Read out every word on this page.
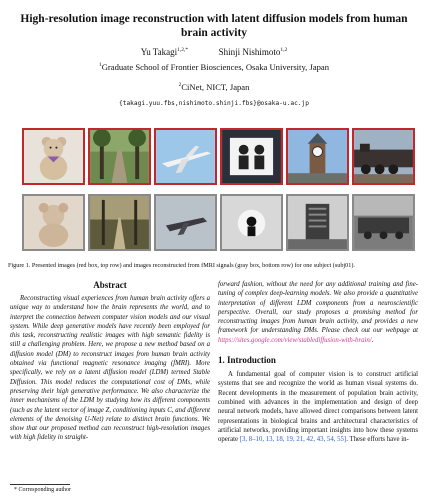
High-resolution image reconstruction with latent diffusion models from human brain activity
Yu Takagi$^{1,2,*}$	Shinji Nishimoto$^{1,2}$
$^1$Graduate School of Frontier Biosciences, Osaka University, Japan
$^2$CiNet, NICT, Japan
{takagi.yuu.fbs,nishimoto.shinji.fbs}@osaka-u.ac.jp
Figure 1. Presented images (red box, top row) and images reconstructed from fMRI signals (gray box, bottom row) for one subject (subj01).
Abstract
Reconstructing visual experiences from human brain activity offers a unique way to understand how the brain represents the world, and to interpret the connection between computer vision models and our visual system. While deep generative models have recently been employed for this task, reconstructing realistic images with high semantic fidelity is still a challenging problem. Here, we propose a new method based on a diffusion model (DM) to reconstruct images from human brain activity obtained via functional magnetic resonance imaging (fMRI). More specifically, we rely on a latent diffusion model (LDM) termed Stable Diffusion. This model reduces the computational cost of DMs, while preserving their high generative performance. We also characterize the inner mechanisms of the LDM by studying how its different components (such as the latent vector of image Z, conditioning inputs C, and different elements of the denoising U-Net) relate to distinct brain functions. We show that our proposed method can reconstruct high-resolution images with high fidelity in straight-
forward fashion, without the need for any additional training and fine-tuning of complex deep-learning models. We also provide a quantitative interpretation of different LDM components from a neuroscientific perspective. Overall, our study proposes a promising method for reconstructing images from human brain activity, and provides a new framework for understanding DMs. Please check out our webpage at https://sites.google.com/view/stablediffusion-with-brain/.
1. Introduction
A fundamental goal of computer vision is to construct artificial systems that see and recognize the world as human visual systems do. Recent developments in the measurement of population brain activity, combined with advances in the implementation and design of deep neural network models, have allowed direct comparisons between latent representations in biological brains and architectural characteristics of artificial networks, providing important insights into how these systems operate [3, 8–10, 13, 18, 19, 21, 42, 43, 54, 55]. These efforts have in-
* Corresponding author
